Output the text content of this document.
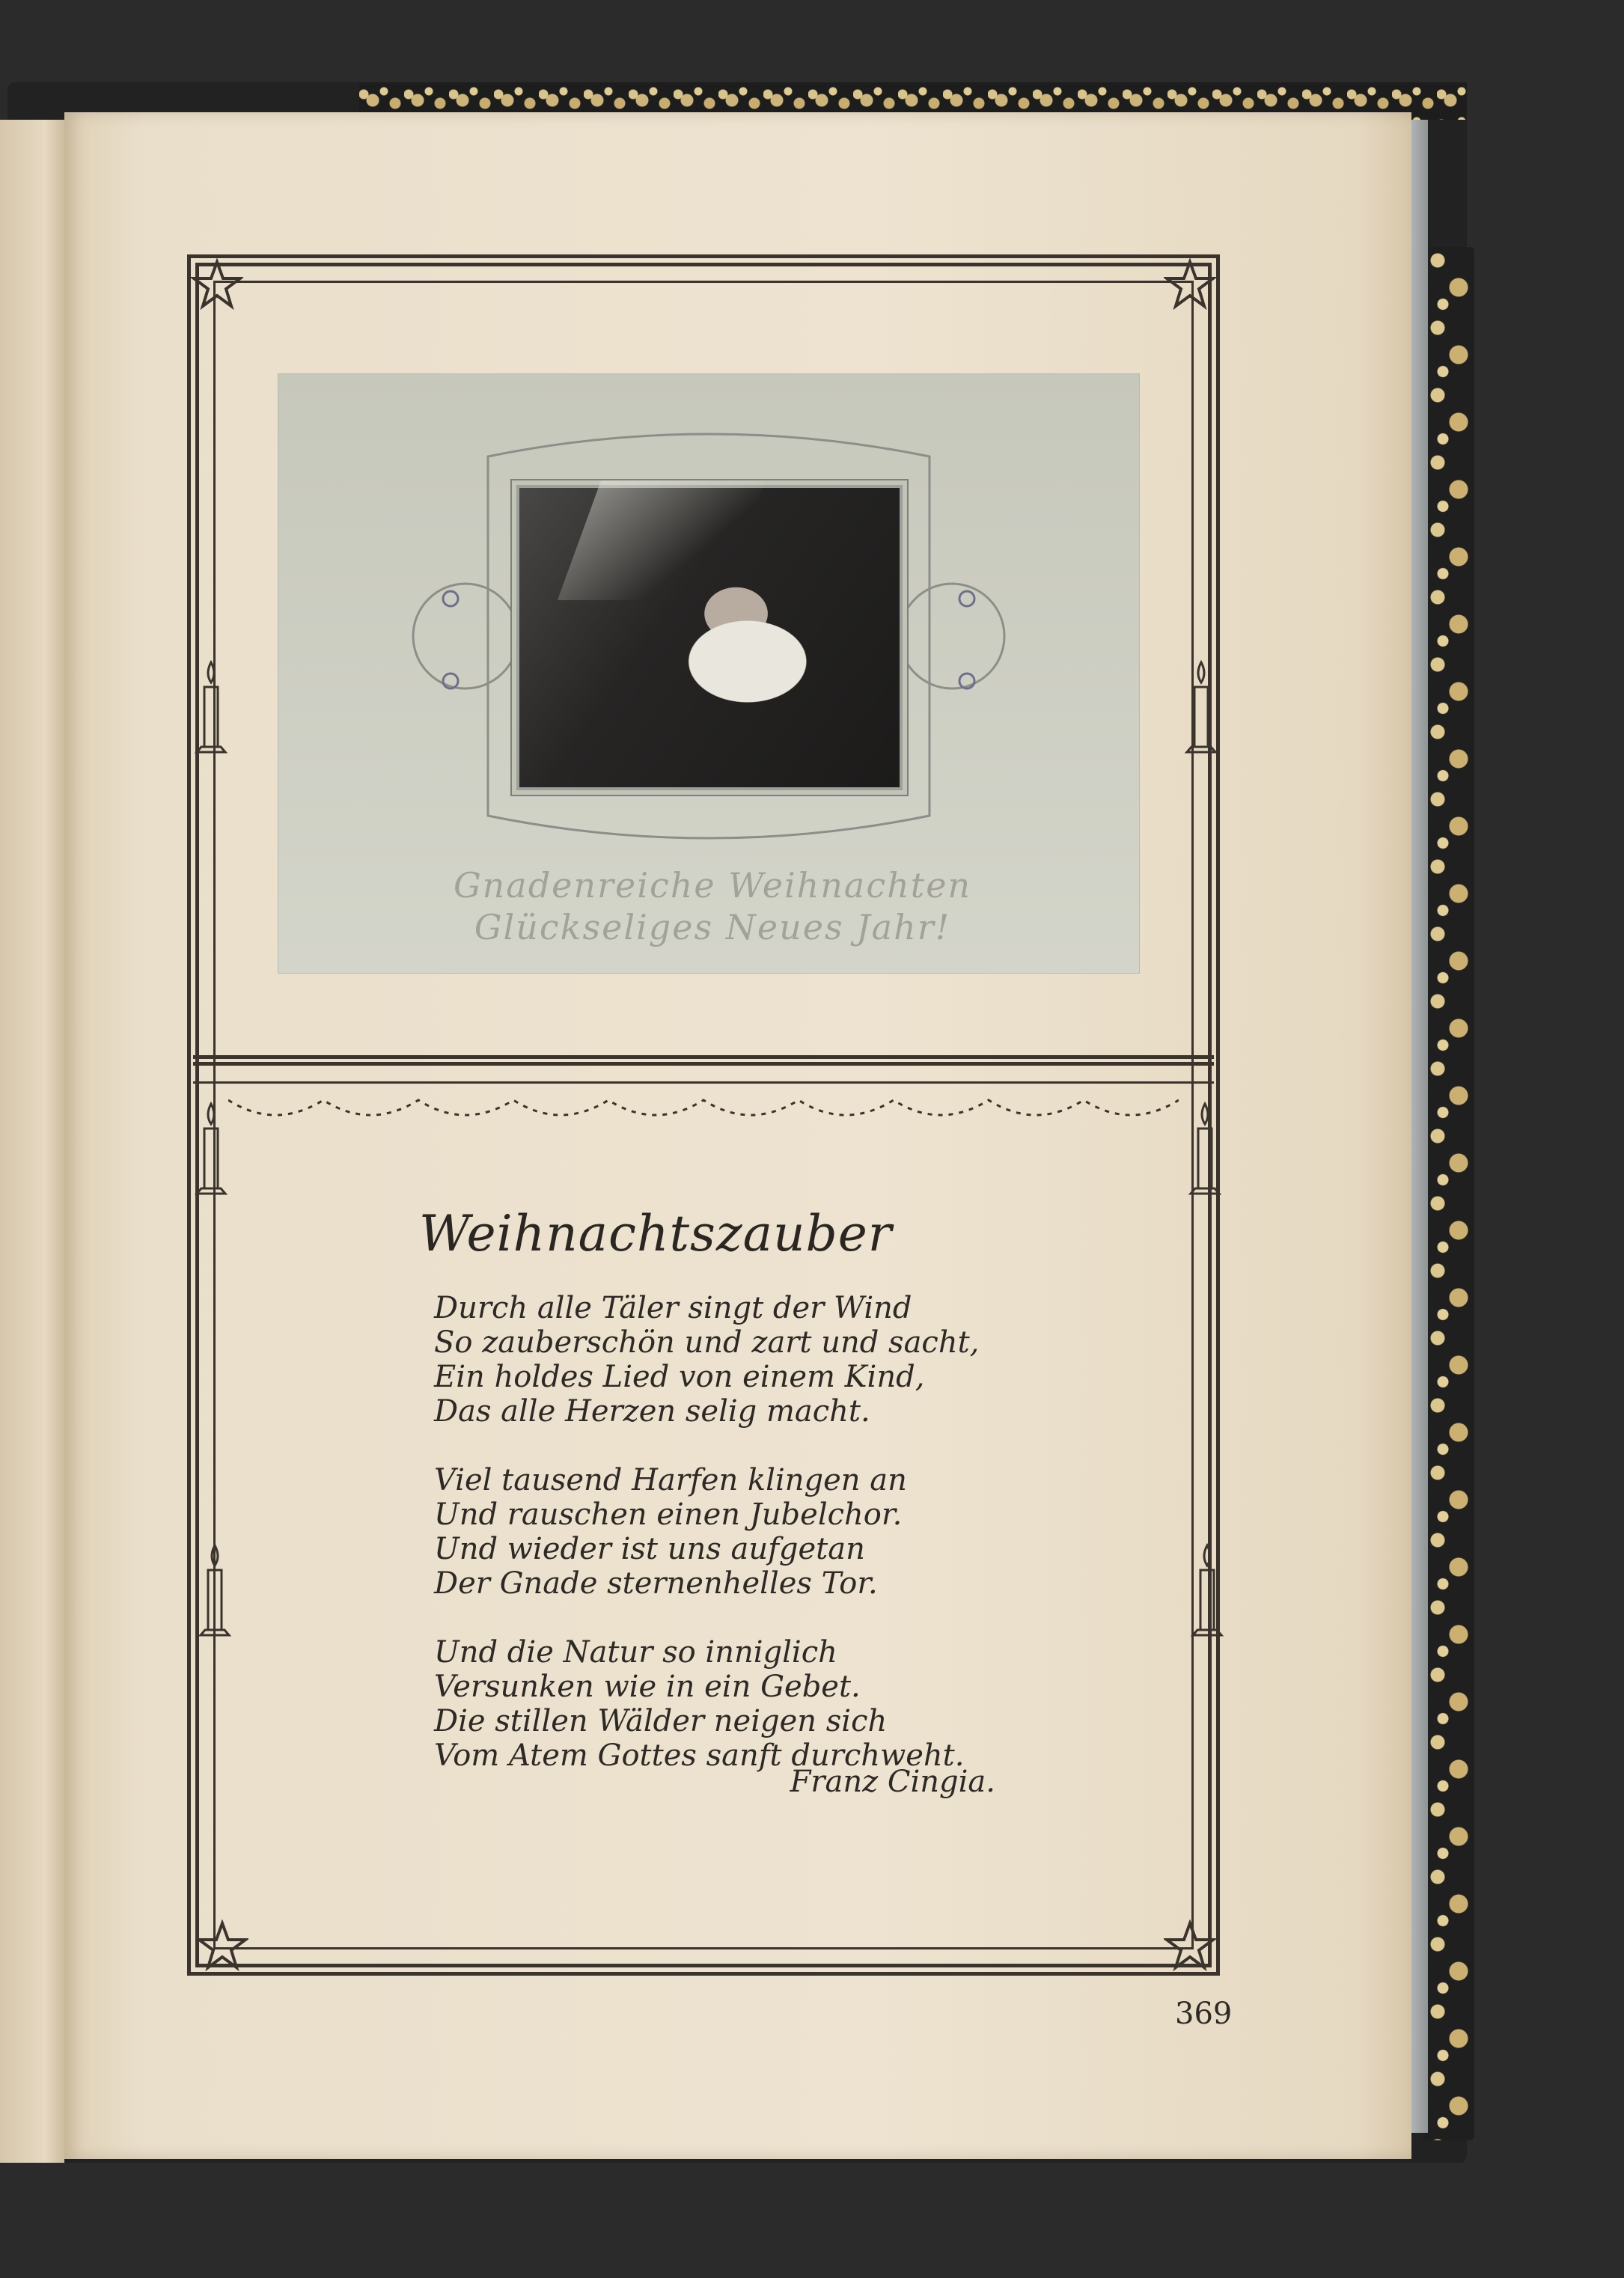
Gnadenreiche Weihnachten
Glückseliges Neues Jahr!
Weihnachtszauber
Durch alle Täler singt der Wind
So zauberschön und zart und sacht,
Ein holdes Lied von einem Kind,
Das alle Herzen selig macht.
Viel tausend Harfen klingen an
Und rauschen einen Jubelchor.
Und wieder ist uns aufgetan
Der Gnade sternenhelles Tor.
Und die Natur so inniglich
Versunken wie in ein Gebet.
Die stillen Wälder neigen sich
Vom Atem Gottes sanft durchweht.
Franz Cingia.
369
